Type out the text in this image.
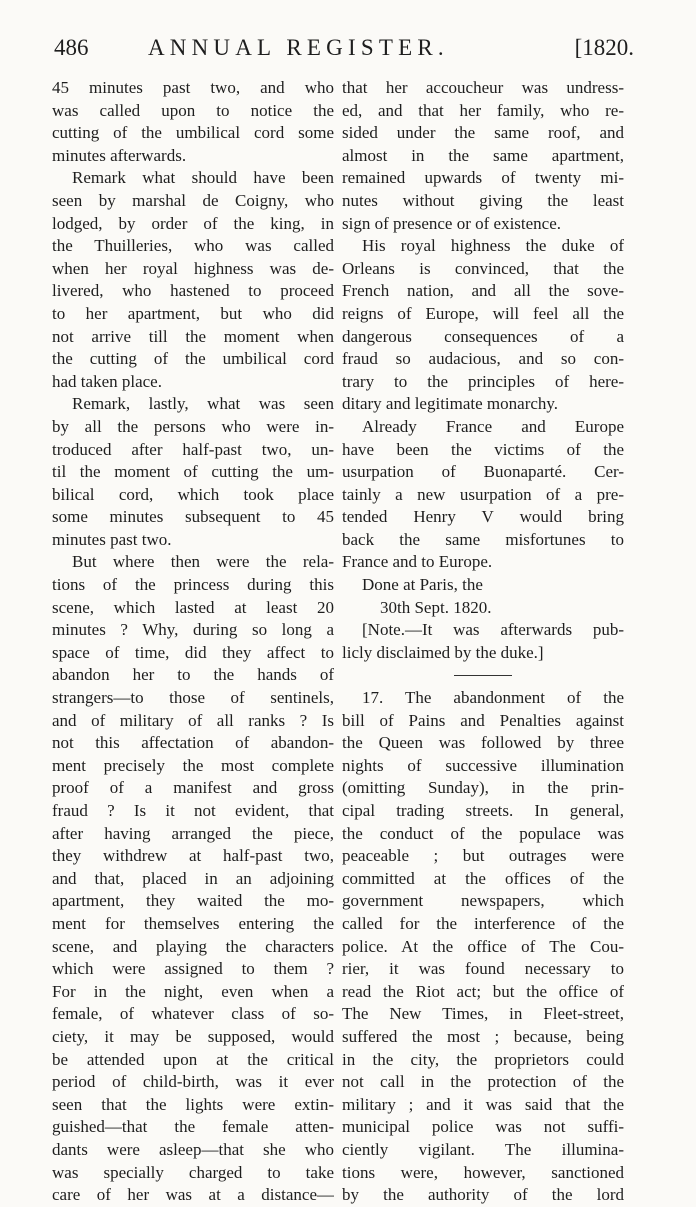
486	ANNUAL REGISTER.	[1820.
45 minutes past two, and who
was called upon to notice the
cutting of the umbilical cord some
minutes afterwards.
Remark what should have been
seen by marshal de Coigny, who
lodged, by order of the king, in
the Thuilleries, who was called
when her royal highness was de-
livered, who hastened to proceed
to her apartment, but who did
not arrive till the moment when
the cutting of the umbilical cord
had taken place.
Remark, lastly, what was seen
by all the persons who were in-
troduced after half-past two, un-
til the moment of cutting the um-
bilical cord, which took place
some minutes subsequent to 45
minutes past two.
But where then were the rela-
tions of the princess during this
scene, which lasted at least 20
minutes ? Why, during so long a
space of time, did they affect to
abandon her to the hands of
strangers—to those of sentinels,
and of military of all ranks ? Is
not this affectation of abandon-
ment precisely the most complete
proof of a manifest and gross
fraud ? Is it not evident, that
after having arranged the piece,
they withdrew at half-past two,
and that, placed in an adjoining
apartment, they waited the mo-
ment for themselves entering the
scene, and playing the characters
which were assigned to them ?
For in the night, even when a
female, of whatever class of so-
ciety, it may be supposed, would
be attended upon at the critical
period of child-birth, was it ever
seen that the lights were extin-
guished—that the female atten-
dants were asleep—that she who
was specially charged to take
care of her was at a distance—
that her accoucheur was undress-
ed, and that her family, who re-
sided under the same roof, and
almost in the same apartment,
remained upwards of twenty mi-
nutes without giving the least
sign of presence or of existence.
His royal highness the duke of
Orleans is convinced, that the
French nation, and all the sove-
reigns of Europe, will feel all the
dangerous consequences of a
fraud so audacious, and so con-
trary to the principles of here-
ditary and legitimate monarchy.
Already France and Europe
have been the victims of the
usurpation of Buonaparté. Cer-
tainly a new usurpation of a pre-
tended Henry V would bring
back the same misfortunes to
France and to Europe.
Done at Paris, the
30th Sept. 1820.
[Note.—It was afterwards pub-
licly disclaimed by the duke.]
17. The abandonment of the
bill of Pains and Penalties against
the Queen was followed by three
nights of successive illumination
(omitting Sunday), in the prin-
cipal trading streets. In general,
the conduct of the populace was
peaceable ; but outrages were
committed at the offices of the
government newspapers, which
called for the interference of the
police. At the office of The Cou-
rier, it was found necessary to
read the Riot act; but the office of
The New Times, in Fleet-street,
suffered the most ; because, being
in the city, the proprietors could
not call in the protection of the
military ; and it was said that the
municipal police was not suffi-
ciently vigilant. The illumina-
tions were, however, sanctioned
by the authority of the lord
